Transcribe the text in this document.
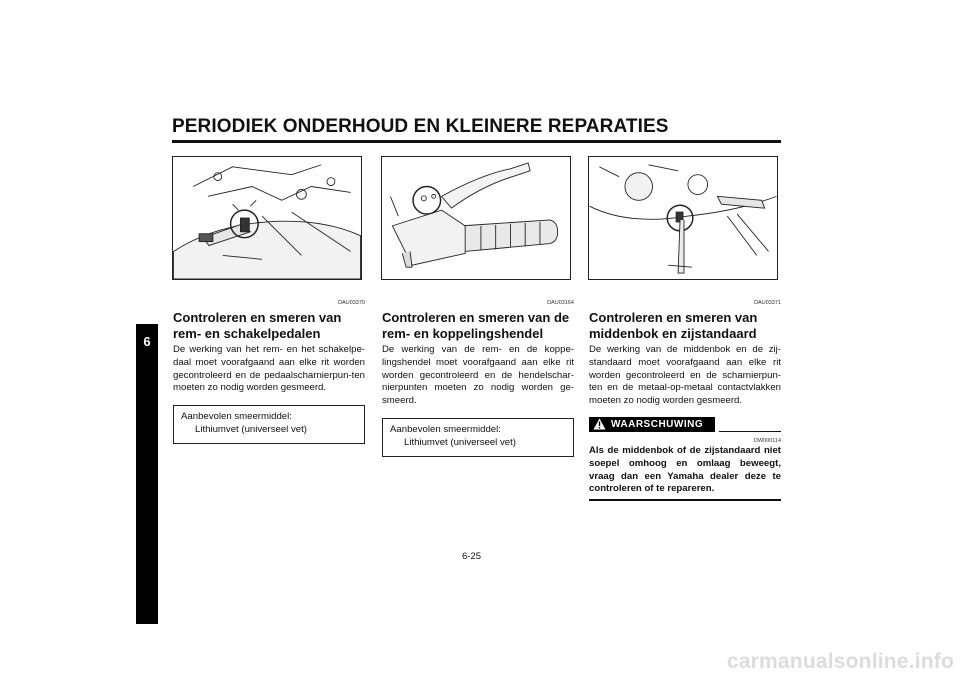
PERIODIEK ONDERHOUD EN KLEINERE REPARATIES
6
DAU03370
Controleren en smeren van rem- en schakelpedalen
De werking van het rem- en het schakelpe-daal moet voorafgaand aan elke rit worden gecontroleerd en de pedaalscharnierpun-ten moeten zo nodig worden gesmeerd.
Aanbevolen smeermiddel:
Lithiumvet (universeel vet)
DAU03164
Controleren en smeren van de rem- en koppelingshendel
De werking van de rem- en de koppe-lingshendel moet voorafgaand aan elke rit worden gecontroleerd en de hendelschar-nierpunten moeten zo nodig worden ge-smeerd.
Aanbevolen smeermiddel:
Lithiumvet (universeel vet)
DAU03371
Controleren en smeren van middenbok en zijstandaard
De werking van de middenbok en de zij-standaard moet voorafgaand aan elke rit worden gecontroleerd en de scharnierpun-ten en de metaal-op-metaal contactvlakken moeten zo nodig worden gesmeerd.
WAARSCHUWING
DW000114
Als de middenbok of de zijstandaard niet soepel omhoog en omlaag beweegt, vraag dan een Yamaha dealer deze te controleren of te repareren.
6-25
carmanualsonline.info
